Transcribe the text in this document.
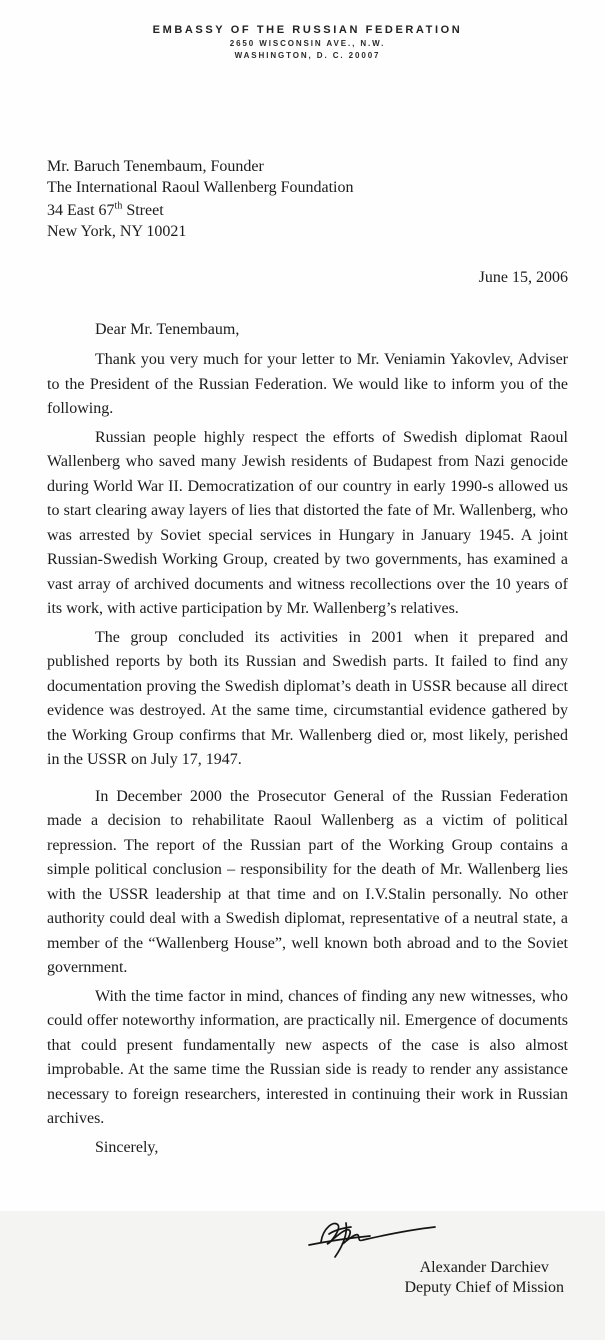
EMBASSY OF THE RUSSIAN FEDERATION
2650 WISCONSIN AVE., N.W.
WASHINGTON, D. C. 20007
Mr. Baruch Tenembaum, Founder
The International Raoul Wallenberg Foundation
34 East 67th Street
New York, NY 10021
June 15, 2006
Dear Mr. Tenembaum,

Thank you very much for your letter to Mr. Veniamin Yakovlev, Adviser to the President of the Russian Federation. We would like to inform you of the following.

Russian people highly respect the efforts of Swedish diplomat Raoul Wallenberg who saved many Jewish residents of Budapest from Nazi genocide during World War II. Democratization of our country in early 1990-s allowed us to start clearing away layers of lies that distorted the fate of Mr. Wallenberg, who was arrested by Soviet special services in Hungary in January 1945. A joint Russian-Swedish Working Group, created by two governments, has examined a vast array of archived documents and witness recollections over the 10 years of its work, with active participation by Mr. Wallenberg’s relatives.

The group concluded its activities in 2001 when it prepared and published reports by both its Russian and Swedish parts. It failed to find any documentation proving the Swedish diplomat’s death in USSR because all direct evidence was destroyed. At the same time, circumstantial evidence gathered by the Working Group confirms that Mr. Wallenberg died or, most likely, perished in the USSR on July 17, 1947.

In December 2000 the Prosecutor General of the Russian Federation made a decision to rehabilitate Raoul Wallenberg as a victim of political repression. The report of the Russian part of the Working Group contains a simple political conclusion – responsibility for the death of Mr. Wallenberg lies with the USSR leadership at that time and on I.V.Stalin personally. No other authority could deal with a Swedish diplomat, representative of a neutral state, a member of the “Wallenberg House”, well known both abroad and to the Soviet government.

With the time factor in mind, chances of finding any new witnesses, who could offer noteworthy information, are practically nil. Emergence of documents that could present fundamentally new aspects of the case is also almost improbable. At the same time the Russian side is ready to render any assistance necessary to foreign researchers, interested in continuing their work in Russian archives.

Sincerely,
Alexander Darchiev
Deputy Chief of Mission
